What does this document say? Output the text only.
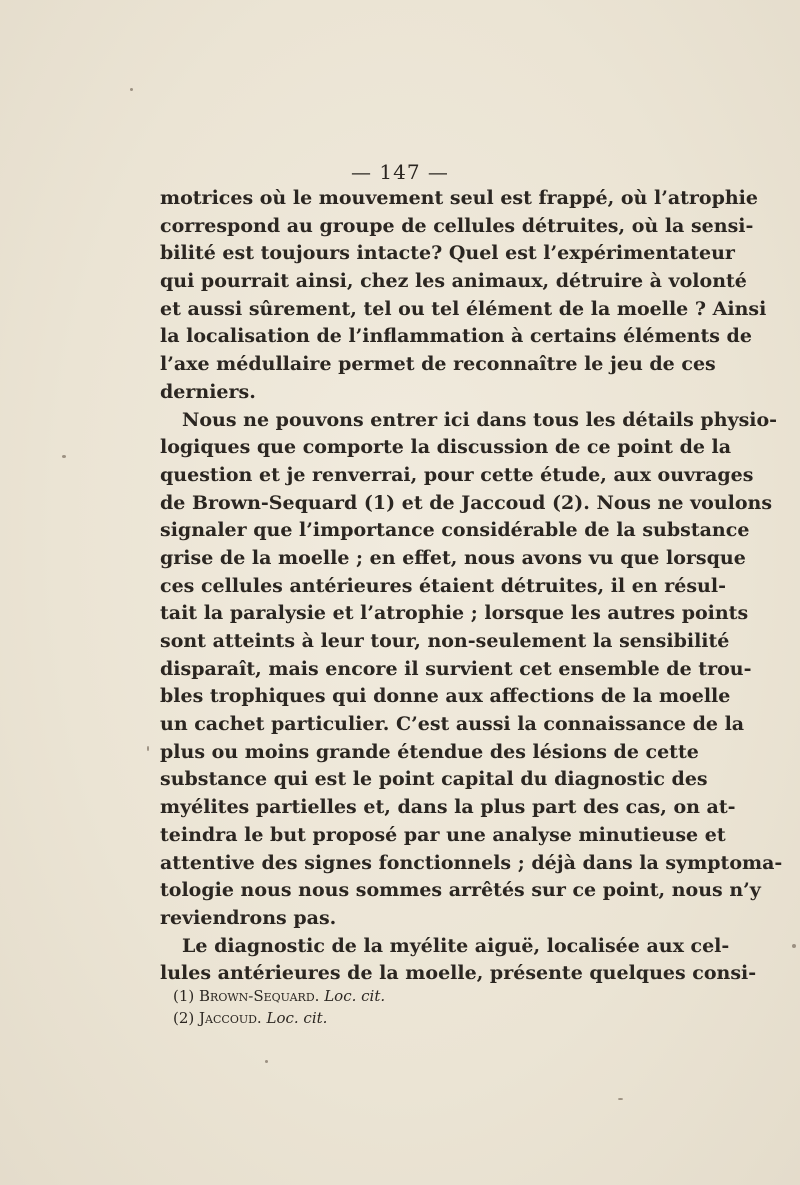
— 147 —
motrices où le mouvement seul est frappé, où l’atrophie
correspond au groupe de cellules détruites, où la sensi-
bilité est toujours intacte? Quel est l’expérimentateur
qui pourrait ainsi, chez les animaux, détruire à volonté
et aussi sûrement, tel ou tel élément de la moelle ? Ainsi
la localisation de l’inflammation à certains éléments de
l’axe médullaire permet de reconnaître le jeu de ces
derniers.
Nous ne pouvons entrer ici dans tous les détails physio-
logiques que comporte la discussion de ce point de la
question et je renverrai, pour cette étude, aux ouvrages
de Brown-Sequard (1) et de Jaccoud (2). Nous ne voulons
signaler que l’importance considérable de la substance
grise de la moelle ; en effet, nous avons vu que lorsque
ces cellules antérieures étaient détruites, il en résul-
tait la paralysie et l’atrophie ; lorsque les autres points
sont atteints à leur tour, non-seulement la sensibilité
disparaît, mais encore il survient cet ensemble de trou-
bles trophiques qui donne aux affections de la moelle
un cachet particulier. C’est aussi la connaissance de la
plus ou moins grande étendue des lésions de cette
substance qui est le point capital du diagnostic des
myélites partielles et, dans la plus part des cas, on at-
teindra le but proposé par une analyse minutieuse et
attentive des signes fonctionnels ; déjà dans la symptoma-
tologie nous nous sommes arrêtés sur ce point, nous n’y
reviendrons pas.
Le diagnostic de la myélite aiguë, localisée aux cel-
lules antérieures de la moelle, présente quelques consi-
(1) Brown-Sequard. Loc. cit.
(2) Jaccoud. Loc. cit.
